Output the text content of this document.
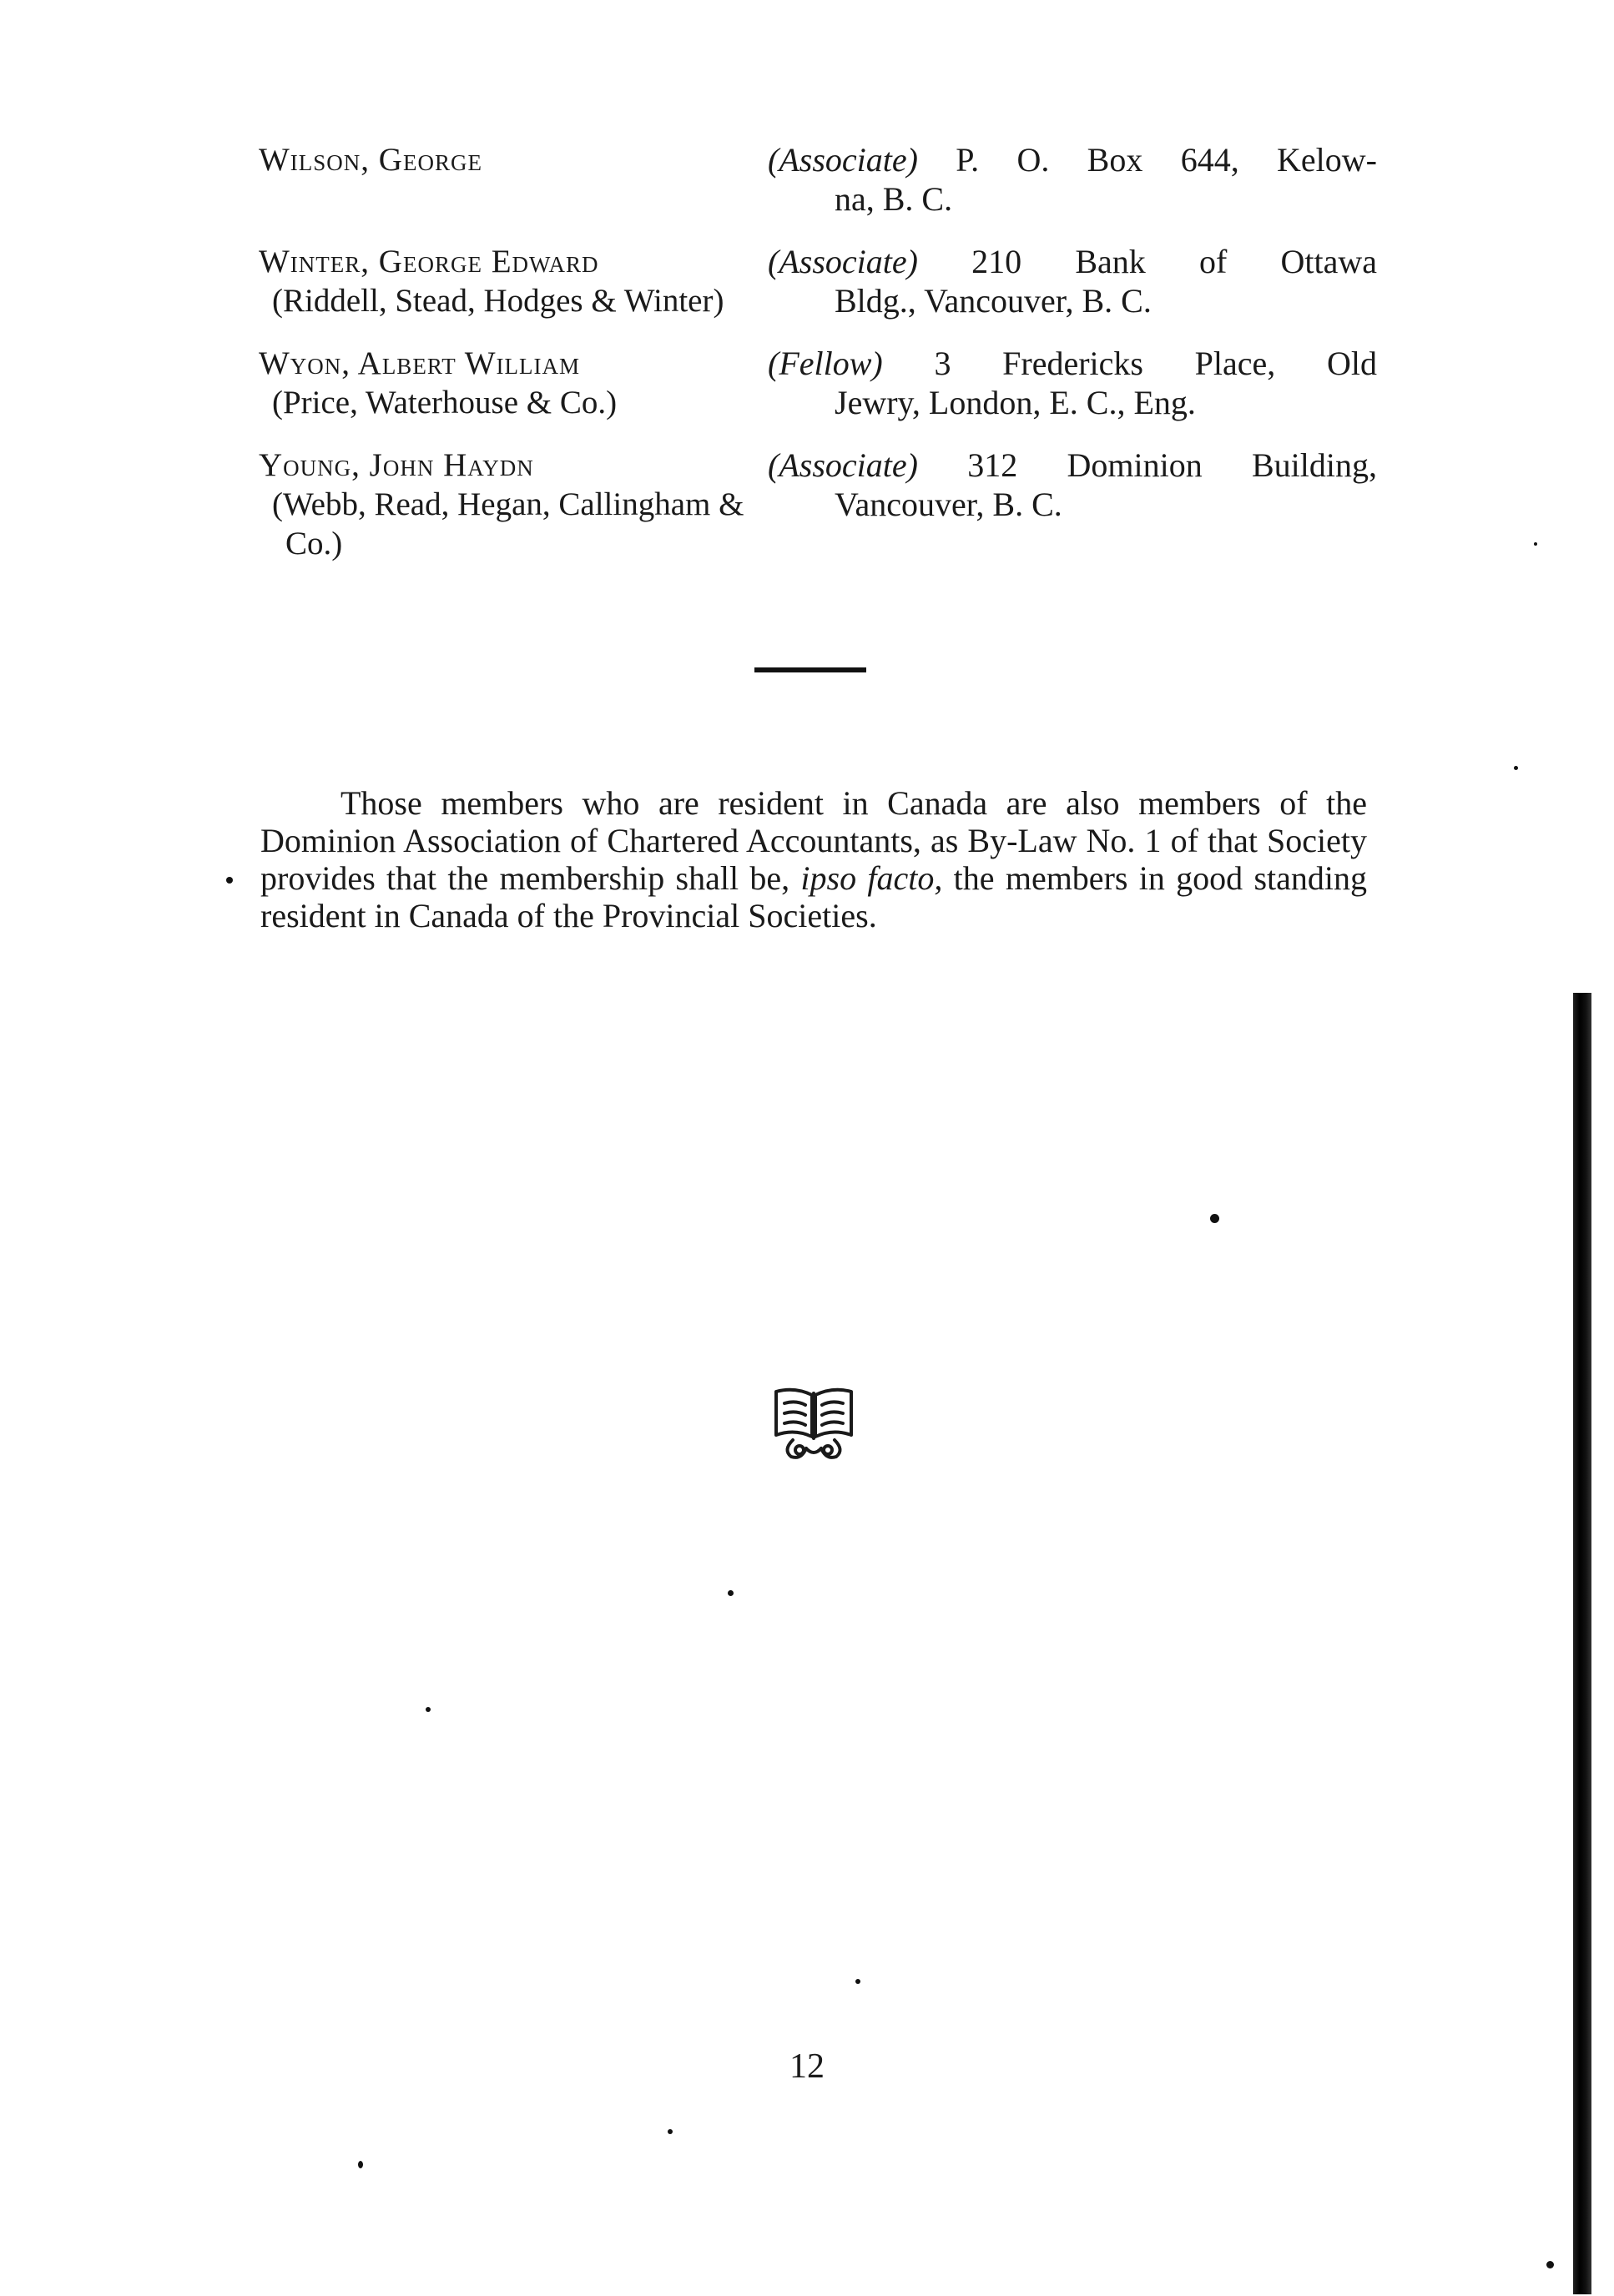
Wilson, George	(Associate) P. O. Box 644, Kelow-
na, B. C.
Winter, George Edward
(Riddell, Stead, Hodges & Winter)
(Associate) 210 Bank of Ottawa
Bldg., Vancouver, B. C.
Wyon, Albert William
(Price, Waterhouse & Co.)
(Fellow) 3 Fredericks Place, Old
Jewry, London, E. C., Eng.
Young, John Haydn
(Webb, Read, Hegan, Callingham & Co.)
(Associate) 312 Dominion Building,
Vancouver, B. C.

Those members who are resident in Canada are also members of the Dominion Association of Chartered Accountants, as By-Law No. 1 of that Society provides that the membership shall be, ipso facto, the members in good standing resident in Canada of the Provincial Societies.

12
